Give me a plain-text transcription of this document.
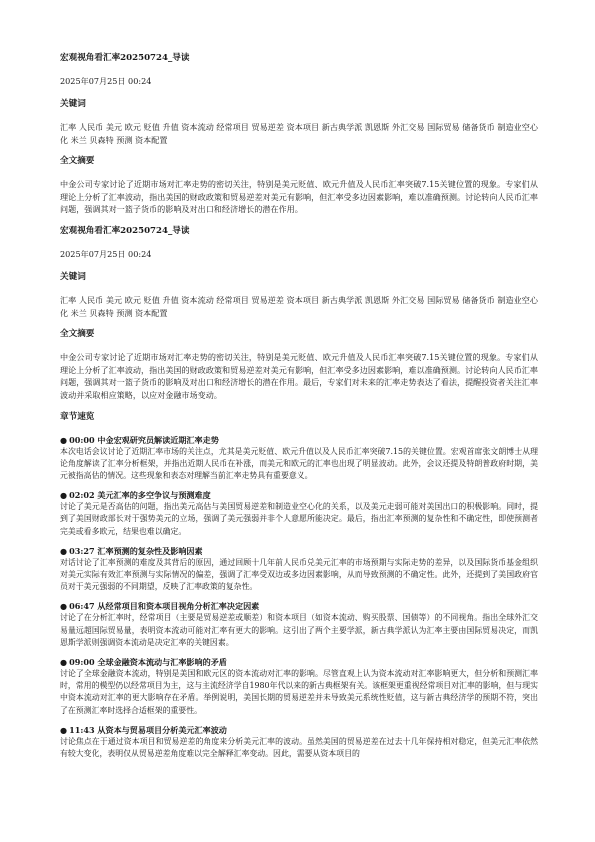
宏观视角看汇率20250724_导读
2025年07月25日 00:24
关键词
汇率 人民币 美元 欧元 贬值 升值 资本流动 经常项目 贸易逆差 资本项目 新古典学派 凯恩斯 外汇交易 国际贸易 储备货币 制造业空心化 米兰 贝森特 预测 资本配置
全文摘要
中金公司专家讨论了近期市场对汇率走势的密切关注，特别是美元贬值、欧元升值及人民币汇率突破7.15关键位置的现象。专家们从理论上分析了汇率波动，指出美国的财政政策和贸易逆差对美元有影响，但汇率受多边因素影响，难以准确预测。讨论转向人民币汇率问题，强调其对一篮子货币的影响及对出口和经济增长的潜在作用。
宏观视角看汇率20250724_导读
2025年07月25日 00:24
关键词
汇率 人民币 美元 欧元 贬值 升值 资本流动 经常项目 贸易逆差 资本项目 新古典学派 凯恩斯 外汇交易 国际贸易 储备货币 制造业空心化 米兰 贝森特 预测 资本配置
全文摘要
中金公司专家讨论了近期市场对汇率走势的密切关注，特别是美元贬值、欧元升值及人民币汇率突破7.15关键位置的现象。专家们从理论上分析了汇率波动，指出美国的财政政策和贸易逆差对美元有影响，但汇率受多边因素影响，难以准确预测。讨论转向人民币汇率问题，强调其对一篮子货币的影响及对出口和经济增长的潜在作用。最后，专家们对未来的汇率走势表达了看法，提醒投资者关注汇率波动并采取相应策略，以应对金融市场变动。
章节速览
● 00:00 中金宏观研究员解读近期汇率走势
本次电话会议讨论了近期汇率市场的关注点，尤其是美元贬值、欧元升值以及人民币汇率突破7.15的关键位置。宏观首席张文朗博士从理论角度解读了汇率分析框架，并指出近期人民币在补涨，而美元和欧元的汇率也出现了明显波动。此外，会议还提及特朗普政府时期，美元被指高估的情况。这些现象和表态对理解当前汇率走势具有重要意义。
● 02:02 美元汇率的多空争议与预测难度
讨论了美元是否高估的问题，指出美元高估与美国贸易逆差和制造业空心化的关系，以及美元走弱可能对美国出口的积极影响。同时，提到了美国财政部长对于强势美元的立场，强调了美元强弱并非个人意愿所能决定。最后，指出汇率预测的复杂性和不确定性，即使预测者完美或看多欧元，结果也难以确定。
● 03:27 汇率预测的复杂性及影响因素
对话讨论了汇率预测的难度及其背后的原因，通过回顾十几年前人民币兑美元汇率的市场预期与实际走势的差异，以及国际货币基金组织对美元实际有效汇率预测与实际情况的偏差，强调了汇率受双边或多边因素影响，从而导致预测的不确定性。此外，还提到了美国政府官员对于美元强弱的不同期望，反映了汇率政策的复杂性。
● 06:47 从经常项目和资本项目视角分析汇率决定因素
讨论了在分析汇率时，经常项目（主要是贸易逆差或顺差）和资本项目（如资本流动、购买股票、国债等）的不同视角。指出全球外汇交易量远超国际贸易量，表明资本流动可能对汇率有更大的影响。这引出了两个主要学派，新古典学派认为汇率主要由国际贸易决定，而凯恩斯学派则强调资本流动是决定汇率的关键因素。
● 09:00 全球金融资本流动与汇率影响的矛盾
讨论了全球金融资本流动，特别是美国和欧元区的资本流动对汇率的影响。尽管直观上认为资本流动对汇率影响更大，但分析和预测汇率时，常用的模型仍以经常项目为主，这与主流经济学自1980年代以来的新古典框架有关。该框架更重视经常项目对汇率的影响，但与现实中资本流动对汇率的更大影响存在矛盾。举例说明，美国长期的贸易逆差并未导致美元系统性贬值，这与新古典经济学的预期不符，突出了在预测汇率时选择合适框架的重要性。
● 11:43 从资本与贸易项目分析美元汇率波动
讨论焦点在于通过资本项目和贸易逆差的角度来分析美元汇率的波动。虽然美国的贸易逆差在过去十几年保持相对稳定，但美元汇率依然有较大变化，表明仅从贸易逆差角度难以完全解释汇率变动。因此，需要从资本项目的
